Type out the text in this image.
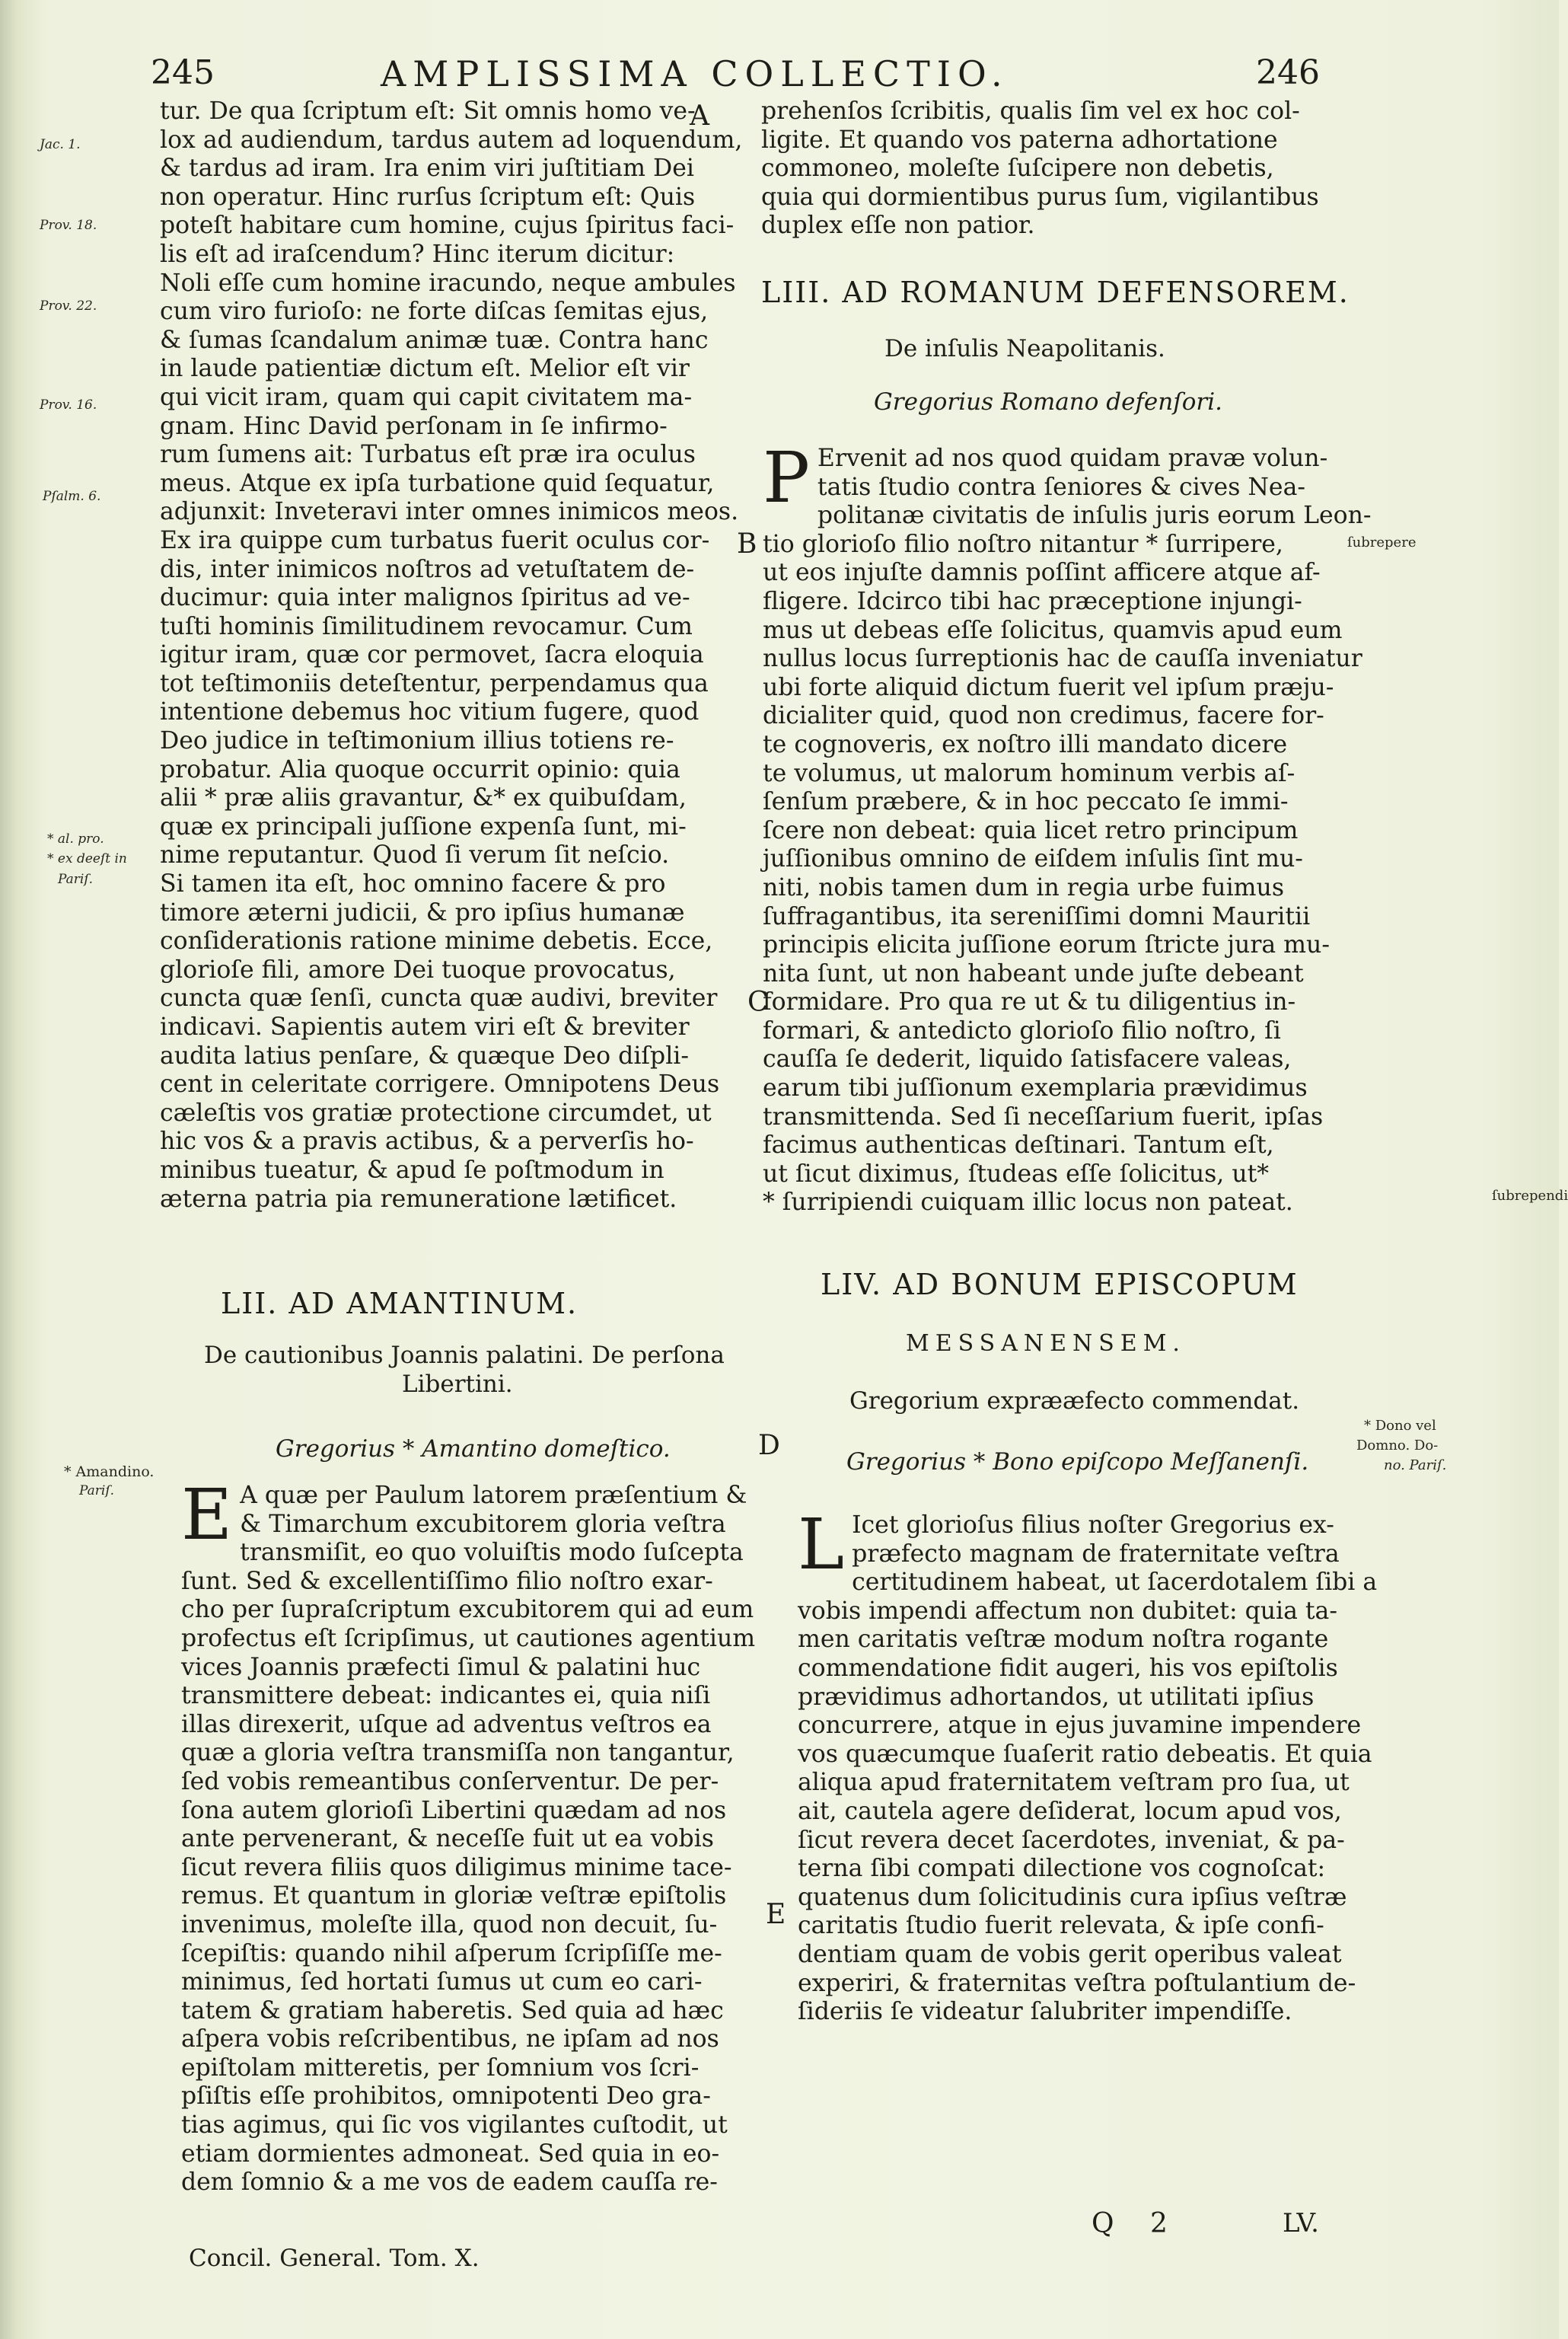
245	AMPLISSIMA COLLECTIO.	246
tur. De qua ſcriptum eſt: Sit omnis homo ve-
lox ad audiendum, tardus autem ad loquendum,
& tardus ad iram. Ira enim viri juſtitiam Dei
non operatur. Hinc rurſus ſcriptum eſt: Quis
poteſt habitare cum homine, cujus ſpiritus faci-
lis eſt ad iraſcendum? Hinc iterum dicitur:
Noli eſſe cum homine iracundo, neque ambules
cum viro furioſo: ne forte diſcas ſemitas ejus,
& ſumas ſcandalum animæ tuæ. Contra hanc
in laude patientiæ dictum eſt. Melior eſt vir
qui vicit iram, quam qui capit civitatem ma-
gnam. Hinc David perſonam in ſe infirmo-
rum ſumens ait: Turbatus eſt præ ira oculus
meus. Atque ex ipſa turbatione quid ſequatur,
adjunxit: Inveteravi inter omnes inimicos meos.
Ex ira quippe cum turbatus fuerit oculus cor-
dis, inter inimicos noſtros ad vetuſtatem de-
ducimur: quia inter malignos ſpiritus ad ve-
tuſti hominis ſimilitudinem revocamur. Cum
igitur iram, quæ cor permovet, ſacra eloquia
tot teſtimoniis deteſtentur, perpendamus qua
intentione debemus hoc vitium fugere, quod
Deo judice in teſtimonium illius totiens re-
probatur. Alia quoque occurrit opinio: quia
alii * præ aliis gravantur, &* ex quibuſdam,
quæ ex principali juſſione expenſa ſunt, mi-
nime reputantur. Quod ſi verum ſit neſcio.
Si tamen ita eſt, hoc omnino facere & pro
timore æterni judicii, & pro ipſius humanæ
conſiderationis ratione minime debetis. Ecce,
glorioſe fili, amore Dei tuoque provocatus,
cuncta quæ ſenſi, cuncta quæ audivi, breviter
indicavi. Sapientis autem viri eſt & breviter
audita latius penſare, & quæque Deo diſpli-
cent in celeritate corrigere. Omnipotens Deus
cæleſtis vos gratiæ protectione circumdet, ut
hic vos & a pravis actibus, & a perverſis ho-
minibus tueatur, & apud ſe poſtmodum in
æterna patria pia remuneratione lætificet.
prehenſos ſcribitis, qualis ſim vel ex hoc col-
ligite. Et quando vos paterna adhortatione
commoneo, moleſte ſuſcipere non debetis,
quia qui dormientibus purus ſum, vigilantibus
duplex eſſe non patior.
LIII. AD ROMANUM DEFENSOREM.
De inſulis Neapolitanis.
Gregorius Romano defenſori.
P Ervenit ad nos quod quidam pravæ volun-
tatis ſtudio contra ſeniores & cives Nea-
politanæ civitatis de inſulis juris eorum Leon-
tio glorioſo filio noſtro nitantur * ſurripere,
ut eos injuſte damnis poſſint afficere atque af-
fligere. Idcirco tibi hac præceptione injungi-
mus ut debeas eſſe ſolicitus, quamvis apud eum
nullus locus ſurreptionis hac de cauſſa inveniatur
ubi forte aliquid dictum fuerit vel ipſum præju-
dicialiter quid, quod non credimus, facere for-
te cognoveris, ex noſtro illi mandato dicere
te volumus, ut malorum hominum verbis aſ-
ſenſum præbere, & in hoc peccato ſe immi-
ſcere non debeat: quia licet retro principum
juſſionibus omnino de eiſdem inſulis ſint mu-
niti, nobis tamen dum in regia urbe fuimus
ſuffragantibus, ita sereniſſimi domni Mauritii
principis elicita juſſione eorum ſtricte jura mu-
nita ſunt, ut non habeant unde juſte debeant
formidare. Pro qua re ut & tu diligentius in-
formari, & antedicto glorioſo filio noſtro, ſi
cauſſa ſe dederit, liquido ſatisfacere valeas,
earum tibi juſſionum exemplaria prævidimus
transmittenda. Sed ſi neceſſarium fuerit, ipſas
facimus authenticas deſtinari. Tantum eſt,
ut ſicut diximus, ſtudeas eſſe ſolicitus, ut*
* ſurripiendi cuiquam illic locus non pateat.
LII. AD AMANTINUM.
De cautionibus Joannis palatini. De perſona
Libertini.
Gregorius * Amantino domeſtico.
E A quæ per Paulum latorem præſentium &
& Timarchum excubitorem gloria veſtra
transmiſit, eo quo voluiſtis modo ſuſcepta
ſunt. Sed & excellentiſſimo filio noſtro exar-
cho per ſupraſcriptum excubitorem qui ad eum
profectus eſt ſcripſimus, ut cautiones agentium
vices Joannis præfecti ſimul & palatini huc
transmittere debeat: indicantes ei, quia niſi
illas direxerit, uſque ad adventus veſtros ea
quæ a gloria veſtra transmiſſa non tangantur,
ſed vobis remeantibus conſerventur. De per-
ſona autem glorioſi Libertini quædam ad nos
ante pervenerant, & neceſſe fuit ut ea vobis
ſicut revera filiis quos diligimus minime tace-
remus. Et quantum in gloriæ veſtræ epiſtolis
invenimus, moleſte illa, quod non decuit, ſu-
ſcepiſtis: quando nihil aſperum ſcripſiſſe me-
minimus, ſed hortati ſumus ut cum eo cari-
tatem & gratiam haberetis. Sed quia ad hæc
aſpera vobis reſcribentibus, ne ipſam ad nos
epiſtolam mitteretis, per ſomnium vos ſcri-
pſiſtis eſſe prohibitos, omnipotenti Deo gra-
tias agimus, qui ſic vos vigilantes cuſtodit, ut
etiam dormientes admoneat. Sed quia in eo-
dem ſomnio & a me vos de eadem cauſſa re-
LIV. AD BONUM EPISCOPUM
MESSANENSEM.
Gregorium exprææfecto commendat.
Gregorius * Bono epiſcopo Meſſanenſi.
L Icet glorioſus filius noſter Gregorius ex-
præfecto magnam de fraternitate veſtra
certitudinem habeat, ut ſacerdotalem ſibi a
vobis impendi affectum non dubitet: quia ta-
men caritatis veſtræ modum noſtra rogante
commendatione fidit augeri, his vos epiſtolis
prævidimus adhortandos, ut utilitati ipſius
concurrere, atque in ejus juvamine impendere
vos quæcumque ſuaſerit ratio debeatis. Et quia
aliqua apud fraternitatem veſtram pro ſua, ut
ait, cautela agere deſiderat, locum apud vos,
ſicut revera decet ſacerdotes, inveniat, & pa-
terna ſibi compati dilectione vos cognoſcat:
quatenus dum ſolicitudinis cura ipſius veſtræ
caritatis ſtudio fuerit relevata, & ipſe confi-
dentiam quam de vobis gerit operibus valeat
experiri, & fraternitas veſtra poſtulantium de-
ſideriis ſe videatur ſalubriter impendiſſe.
A
B
C
D
E
Jac. 1.
Prov. 18.
Prov. 22.
Prov. 16.
Pſalm. 6.
* al. pro.
* ex deeſt in
Pariſ.
* Amandino.
Pariſ.
ſubrepere
ſubrependi
* Dono vel
Domno. Do-
no. Pariſ.
Concil. General. Tom. X.
Q 2	LV.
